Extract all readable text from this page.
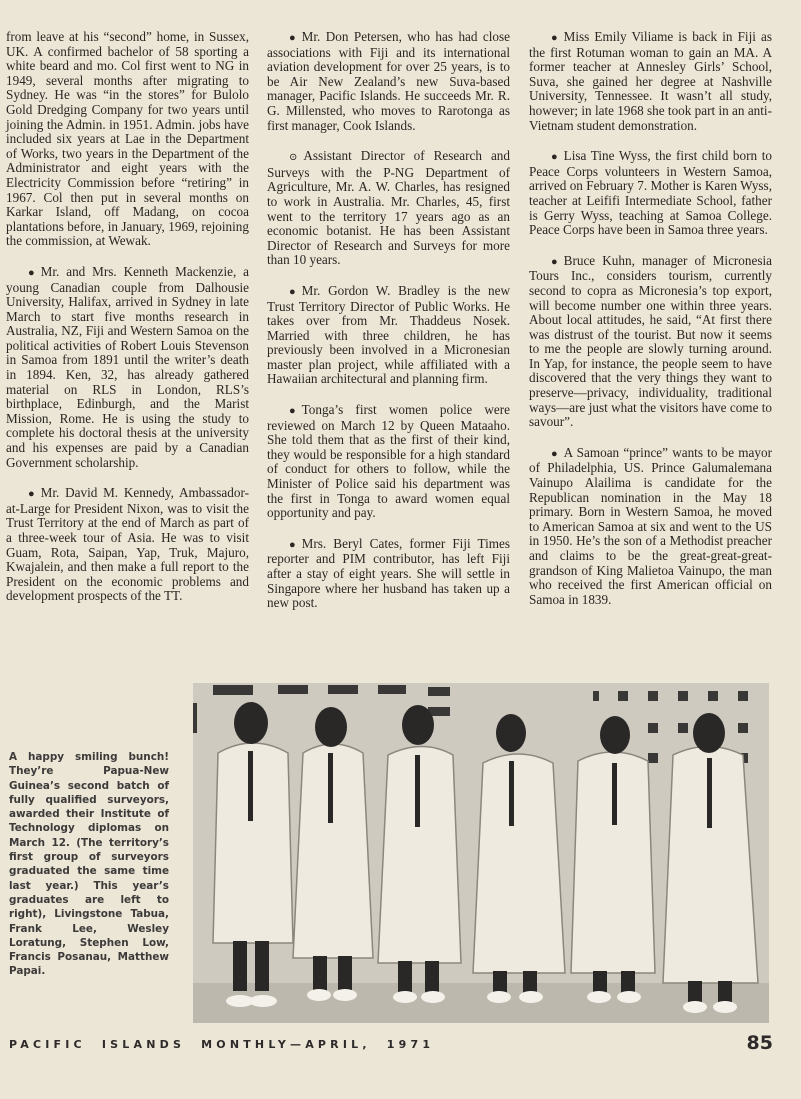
from leave at his “second” home, in Sussex, UK. A confirmed bachelor of 58 sporting a white beard and mo. Col first went to NG in 1949, several months after migrating to Sydney. He was “in the stores” for Bulolo Gold Dredging Company for two years until joining the Admin. in 1951. Admin. jobs have included six years at Lae in the Department of Works, two years in the Department of the Administrator and eight years with the Electricity Commission before “retiring” in 1967. Col then put in several months on Karkar Island, off Madang, on cocoa plantations before, in January, 1969, rejoining the commission, at Wewak.

● Mr. and Mrs. Kenneth Mackenzie, a young Canadian couple from Dalhousie University, Halifax, arrived in Sydney in late March to start five months research in Australia, NZ, Fiji and Western Samoa on the political activities of Robert Louis Stevenson in Samoa from 1891 until the writer’s death in 1894. Ken, 32, has already gathered material on RLS in London, RLS’s birthplace, Edinburgh, and the Marist Mission, Rome. He is using the study to complete his doctoral thesis at the university and his expenses are paid by a Canadian Government scholarship.

● Mr. David M. Kennedy, Ambassador-at-Large for President Nixon, was to visit the Trust Territory at the end of March as part of a three-week tour of Asia. He was to visit Guam, Rota, Saipan, Yap, Truk, Majuro, Kwajalein, and then make a full report to the President on the economic problems and development prospects of the TT.

● Mr. Don Petersen, who has had close associations with Fiji and its international aviation development for over 25 years, is to be Air New Zealand’s new Suva-based manager, Pacific Islands. He succeeds Mr. R. G. Millensted, who moves to Rarotonga as first manager, Cook Islands.

⊙ Assistant Director of Research and Surveys with the P-NG Department of Agriculture, Mr. A. W. Charles, has resigned to work in Australia. Mr. Charles, 45, first went to the territory 17 years ago as an economic botanist. He has been Assistant Director of Research and Surveys for more than 10 years.

● Mr. Gordon W. Bradley is the new Trust Territory Director of Public Works. He takes over from Mr. Thaddeus Nosek. Married with three children, he has previously been involved in a Micronesian master plan project, while affiliated with a Hawaiian architectural and planning firm.

● Tonga’s first women police were reviewed on March 12 by Queen Mataaho. She told them that as the first of their kind, they would be responsible for a high standard of conduct for others to follow, while the Minister of Police said his department was the first in Tonga to award women equal opportunity and pay.

● Mrs. Beryl Cates, former Fiji Times reporter and PIM contributor, has left Fiji after a stay of eight years. She will settle in Singapore where her husband has taken up a new post.

● Miss Emily Viliame is back in Fiji as the first Rotuman woman to gain an MA. A former teacher at Annesley Girls’ School, Suva, she gained her degree at Nashville University, Tennessee. It wasn’t all study, however; in late 1968 she took part in an anti-Vietnam student demonstration.

● Lisa Tine Wyss, the first child born to Peace Corps volunteers in Western Samoa, arrived on February 7. Mother is Karen Wyss, teacher at Leififi Intermediate School, father is Gerry Wyss, teaching at Samoa College. Peace Corps have been in Samoa three years.

● Bruce Kuhn, manager of Micronesia Tours Inc., considers tourism, currently second to copra as Micronesia’s top export, will become number one within three years. About local attitudes, he said, “At first there was distrust of the tourist. But now it seems to me the people are slowly turning around. In Yap, for instance, the people seem to have discovered that the very things they want to preserve—privacy, individuality, traditional ways—are just what the visitors have come to savour”.

● A Samoan “prince” wants to be mayor of Philadelphia, US. Prince Galumalemana Vainupo Alailima is candidate for the Republican nomination in the May 18 primary. Born in Western Samoa, he moved to American Samoa at six and went to the US in 1950. He’s the son of a Methodist preacher and claims to be the great-great-great-grandson of King Malietoa Vainupo, the man who received the first American official on Samoa in 1839.

A happy smiling bunch! They’re Papua-New Guinea’s second batch of fully qualified surveyors, awarded their Institute of Technology diplomas on March 12. (The territory’s first group of surveyors graduated the same time last year.) This year’s graduates are left to right), Livingstone Tabua, Frank Lee, Wesley Loratung, Stephen Low, Francis Posanau, Matthew Papai.
PACIFIC  ISLANDS  MONTHLY—APRIL,  1971	85
